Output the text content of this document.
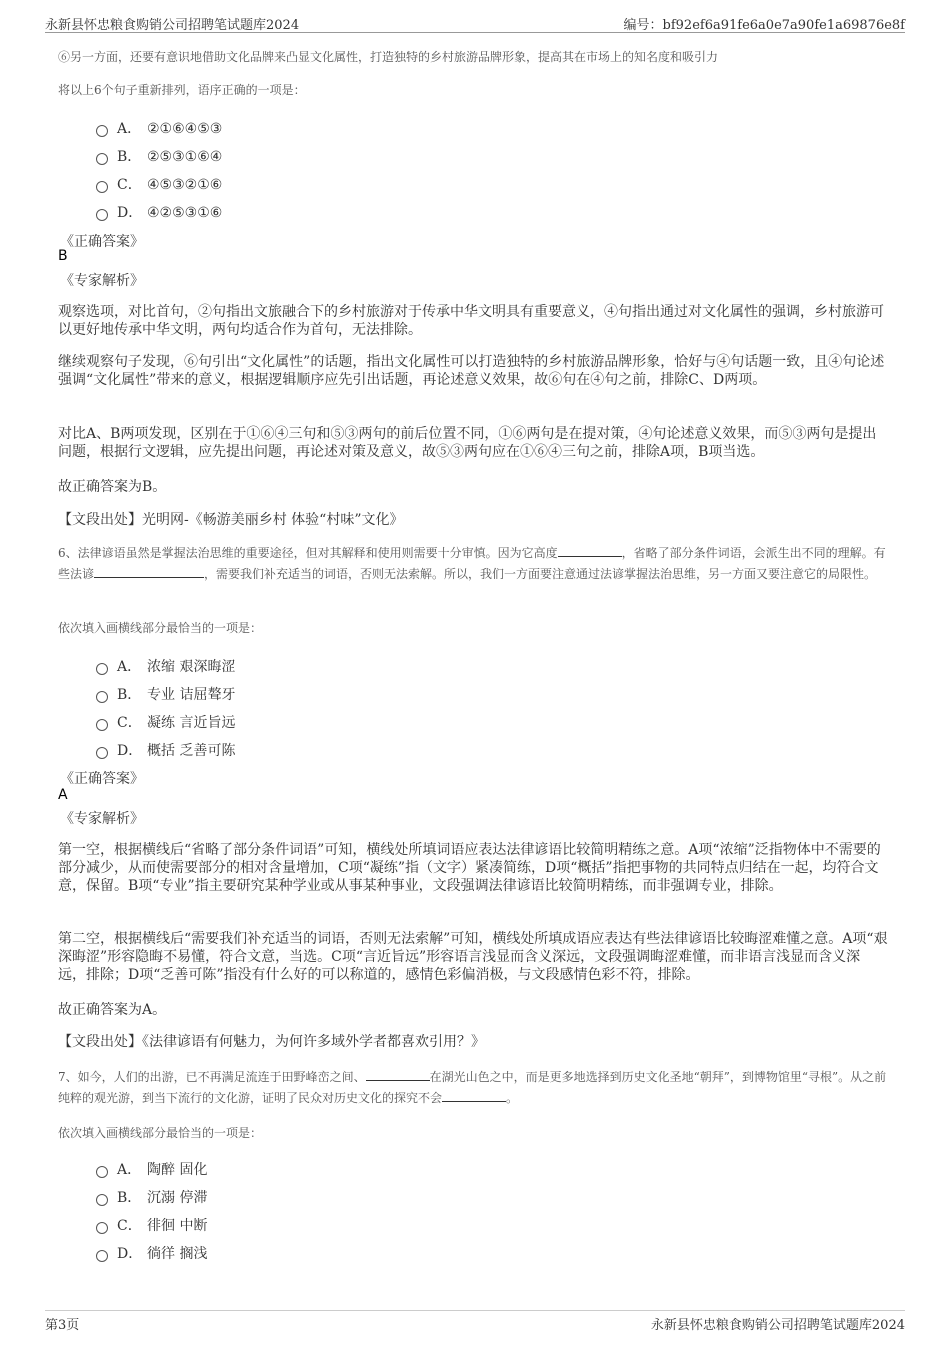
永新县怀忠粮食购销公司招聘笔试题库2024	编号：bf92ef6a91fe6a0e7a90fe1a69876e8f
⑥另一方面，还要有意识地借助文化品牌来凸显文化属性，打造独特的乡村旅游品牌形象，提高其在市场上的知名度和吸引力
将以上6个句子重新排列，语序正确的一项是：
A． ②①⑥④⑤③
B． ②⑤③①⑥④
C． ④⑤③②①⑥
D． ④②⑤③①⑥
《正确答案》
B
《专家解析》
观察选项，对比首句，②句指出文旅融合下的乡村旅游对于传承中华文明具有重要意义，④句指出通过对文化属性的强调，乡村旅游可以更好地传承中华文明，两句均适合作为首句，无法排除。
继续观察句子发现，⑥句引出“文化属性”的话题，指出文化属性可以打造独特的乡村旅游品牌形象，恰好与④句话题一致，且④句论述强调“文化属性”带来的意义，根据逻辑顺序应先引出话题，再论述意义效果，故⑥句在④句之前，排除C、D两项。
对比A、B两项发现，区别在于①⑥④三句和⑤③两句的前后位置不同，①⑥两句是在提对策，④句论述意义效果，而⑤③两句是提出问题，根据行文逻辑，应先提出问题，再论述对策及意义，故⑤③两句应在①⑥④三句之前，排除A项，B项当选。
故正确答案为B。
【文段出处】光明网-《畅游美丽乡村 体验“村味”文化》
6、法律谚语虽然是掌握法治思维的重要途径，但对其解释和使用则需要十分审慎。因为它高度	，省略了部分条件词语，会派生出不同的理解。有些法谚	，需要我们补充适当的词语，否则无法索解。所以，我们一方面要注意通过法谚掌握法治思维，另一方面又要注意它的局限性。
依次填入画横线部分最恰当的一项是：
A． 浓缩 艰深晦涩
B． 专业 诘屈聱牙
C． 凝练 言近旨远
D． 概括 乏善可陈
《正确答案》
A
《专家解析》
第一空，根据横线后“省略了部分条件词语”可知，横线处所填词语应表达法律谚语比较简明精练之意。A项“浓缩”泛指物体中不需要的部分减少，从而使需要部分的相对含量增加，C项“凝练”指（文字）紧凑简练，D项“概括”指把事物的共同特点归结在一起，均符合文意，保留。B项“专业”指主要研究某种学业或从事某种事业，文段强调法律谚语比较简明精练，而非强调专业，排除。
第二空，根据横线后“需要我们补充适当的词语，否则无法索解”可知，横线处所填成语应表达有些法律谚语比较晦涩难懂之意。A项“艰深晦涩”形容隐晦不易懂，符合文意，当选。C项“言近旨远”形容语言浅显而含义深远，文段强调晦涩难懂，而非语言浅显而含义深远，排除；D项“乏善可陈”指没有什么好的可以称道的，感情色彩偏消极，与文段感情色彩不符，排除。
故正确答案为A。
【文段出处】《法律谚语有何魅力，为何许多域外学者都喜欢引用？》
7、如今，人们的出游，已不再满足流连于田野峰峦之间、	在湖光山色之中，而是更多地选择到历史文化圣地“朝拜”，到博物馆里“寻根”。从之前纯粹的观光游，到当下流行的文化游，证明了民众对历史文化的探究不会	。
依次填入画横线部分最恰当的一项是：
A． 陶醉 固化
B． 沉溺 停滞
C． 徘徊 中断
D． 徜徉 搁浅
第3页	永新县怀忠粮食购销公司招聘笔试题库2024
